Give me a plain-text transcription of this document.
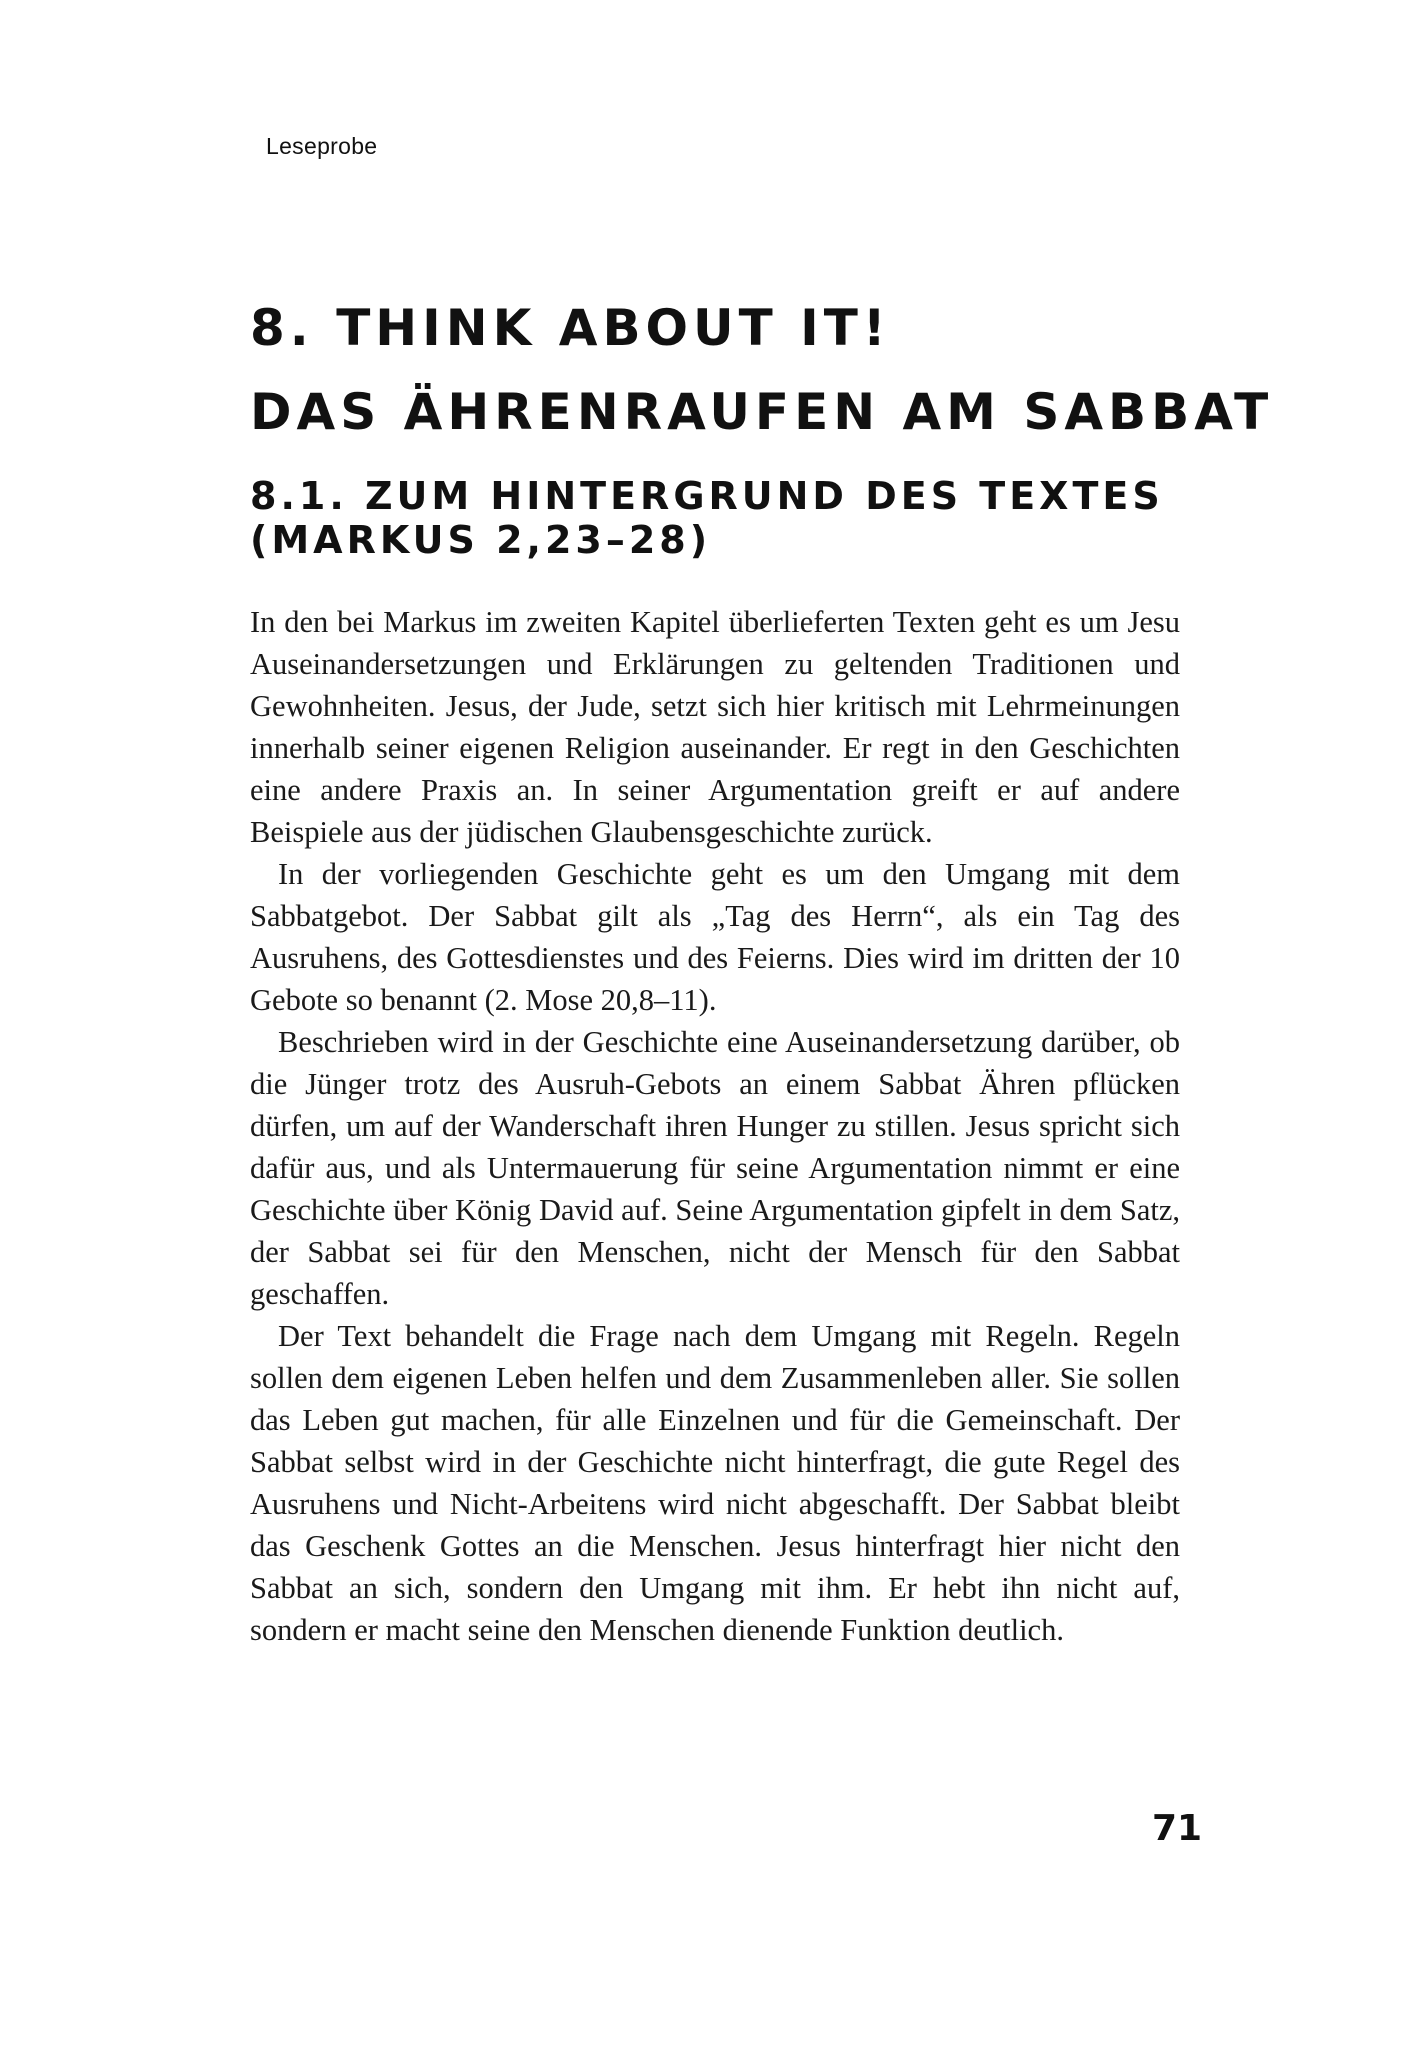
Leseprobe
8. THINK ABOUT IT!
DAS ÄHRENRAUFEN AM SABBAT
8.1. ZUM HINTERGRUND DES TEXTES
(MARKUS 2,23–28)

In den bei Markus im zweiten Kapitel überlieferten Texten geht es um Jesu Auseinandersetzungen und Erklärungen zu geltenden Traditionen und Gewohnheiten. Jesus, der Jude, setzt sich hier kritisch mit Lehrmeinungen innerhalb seiner eigenen Religion auseinander. Er regt in den Geschichten eine andere Praxis an. In seiner Argumentation greift er auf andere Beispiele aus der jüdischen Glaubensgeschichte zurück.

In der vorliegenden Geschichte geht es um den Umgang mit dem Sabbatgebot. Der Sabbat gilt als „Tag des Herrn“, als ein Tag des Ausruhens, des Gottesdienstes und des Feierns. Dies wird im dritten der 10 Gebote so benannt (2. Mose 20,8–11).

Beschrieben wird in der Geschichte eine Auseinandersetzung darüber, ob die Jünger trotz des Ausruh-Gebots an einem Sabbat Ähren pflücken dürfen, um auf der Wanderschaft ihren Hunger zu stillen. Jesus spricht sich dafür aus, und als Untermauerung für seine Argumentation nimmt er eine Geschichte über König David auf. Seine Argumentation gipfelt in dem Satz, der Sabbat sei für den Menschen, nicht der Mensch für den Sabbat geschaffen.

Der Text behandelt die Frage nach dem Umgang mit Regeln. Regeln sollen dem eigenen Leben helfen und dem Zusammenleben aller. Sie sollen das Leben gut machen, für alle Einzelnen und für die Gemeinschaft. Der Sabbat selbst wird in der Geschichte nicht hinterfragt, die gute Regel des Ausruhens und Nicht-Arbeitens wird nicht abgeschafft. Der Sabbat bleibt das Geschenk Gottes an die Menschen. Jesus hinterfragt hier nicht den Sabbat an sich, sondern den Umgang mit ihm. Er hebt ihn nicht auf, sondern er macht seine den Menschen dienende Funktion deutlich.

71
